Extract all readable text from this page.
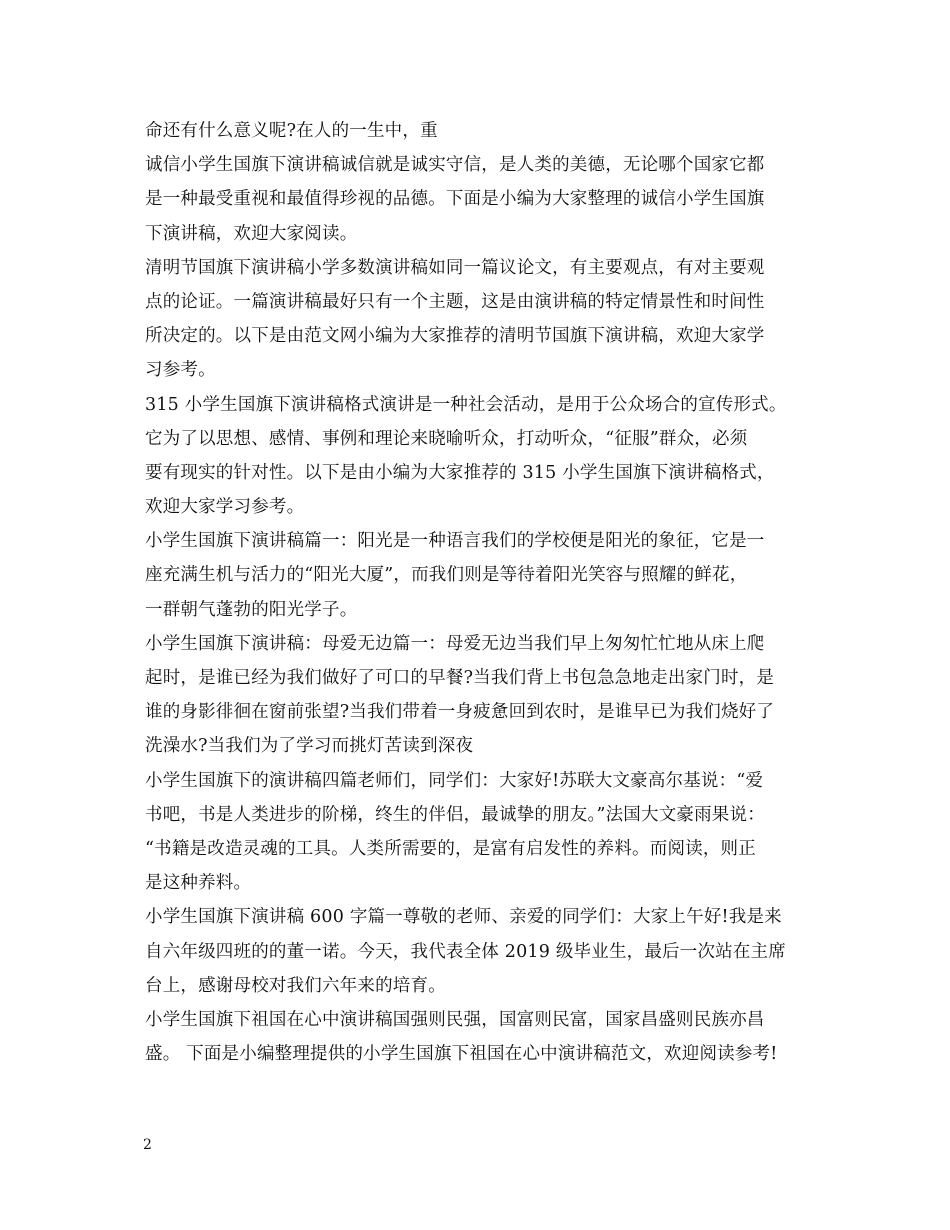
命还有什么意义呢?在人的一生中，重
诚信小学生国旗下演讲稿诚信就是诚实守信，是人类的美德，无论哪个国家它都
是一种最受重视和最值得珍视的品德。下面是小编为大家整理的诚信小学生国旗
下演讲稿，欢迎大家阅读。
清明节国旗下演讲稿小学多数演讲稿如同一篇议论文，有主要观点，有对主要观
点的论证。一篇演讲稿最好只有一个主题，这是由演讲稿的特定情景性和时间性
所决定的。以下是由范文网小编为大家推荐的清明节国旗下演讲稿，欢迎大家学
习参考。
315 小学生国旗下演讲稿格式演讲是一种社会活动，是用于公众场合的宣传形式。
它为了以思想、感情、事例和理论来晓喻听众，打动听众，“征服”群众，必须
要有现实的针对性。以下是由小编为大家推荐的 315 小学生国旗下演讲稿格式，
欢迎大家学习参考。
小学生国旗下演讲稿篇一：阳光是一种语言我们的学校便是阳光的象征，它是一
座充满生机与活力的“阳光大厦”，而我们则是等待着阳光笑容与照耀的鲜花，
一群朝气蓬勃的阳光学子。
小学生国旗下演讲稿：母爱无边篇一：母爱无边当我们早上匆匆忙忙地从床上爬
起时，是谁已经为我们做好了可口的早餐?当我们背上书包急急地走出家门时，是
谁的身影徘徊在窗前张望?当我们带着一身疲惫回到农时，是谁早已为我们烧好了
洗澡水?当我们为了学习而挑灯苦读到深夜
小学生国旗下的演讲稿四篇老师们，同学们：大家好!苏联大文豪高尔基说：“爱
书吧，书是人类进步的阶梯，终生的伴侣，最诚挚的朋友。”法国大文豪雨果说：
“书籍是改造灵魂的工具。人类所需要的，是富有启发性的养料。而阅读，则正
是这种养料。
小学生国旗下演讲稿 600 字篇一尊敬的老师、亲爱的同学们：大家上午好!我是来
自六年级四班的的董一诺。今天，我代表全体 2019 级毕业生，最后一次站在主席
台上，感谢母校对我们六年来的培育。
小学生国旗下祖国在心中演讲稿国强则民强，国富则民富，国家昌盛则民族亦昌
盛。 下面是小编整理提供的小学生国旗下祖国在心中演讲稿范文，欢迎阅读参考!
2
